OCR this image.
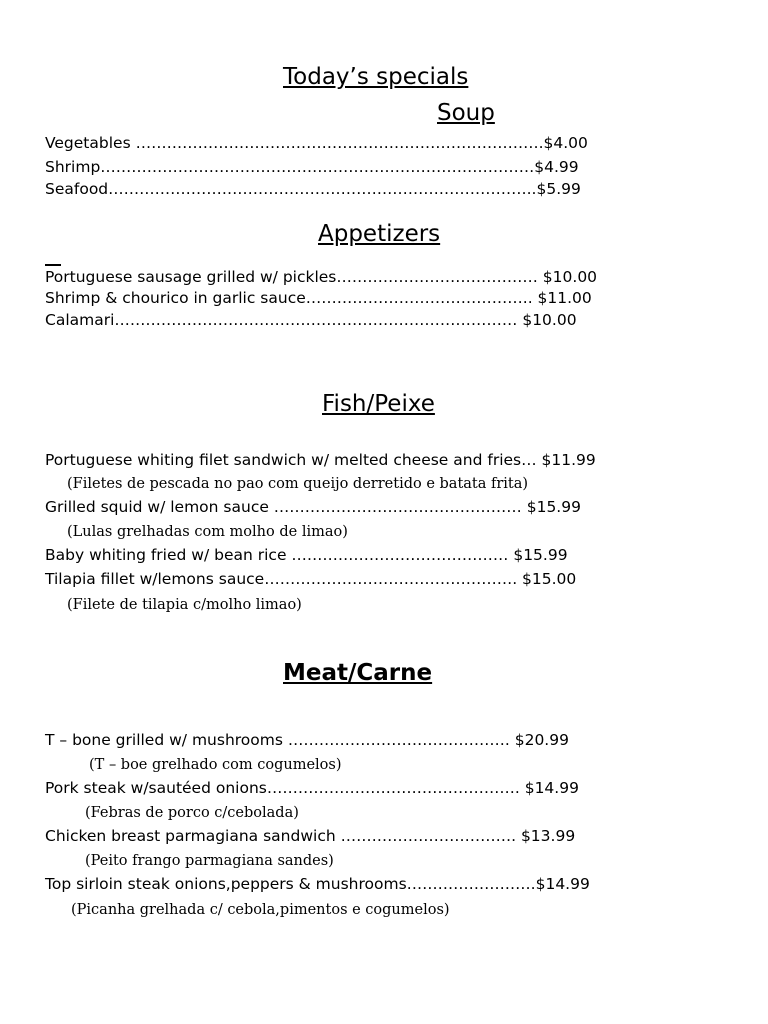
Today’s specials
Soup
Vegetables …………………………………………………………………….$4.00
Shrimp…………………………………………………………………………$4.99
Seafood………………………………………………………………………..$5.99
Appetizers
Portuguese sausage grilled w/ pickles………………………………… $10.00
Shrimp & chourico in garlic sauce…………………………………….. $11.00
Calamari…………………………………………………………………… $10.00
Fish/Peixe
Portuguese whiting filet sandwich w/ melted cheese and fries… $11.99
(Filetes de pescada no pao com queijo derretido e batata frita)
Grilled squid w/ lemon sauce ………………………………………… $15.99
(Lulas grelhadas com molho de limao)
Baby whiting fried w/ bean rice …………………………………… $15.99
Tilapia fillet w/lemons sauce…………………………………………. $15.00
(Filete de tilapia c/molho limao)
Meat/Carne
T – bone grilled w/ mushrooms ……………………………………. $20.99
(T – boe grelhado com cogumelos)
Pork steak w/sautéed onions…………………………………………. $14.99
(Febras de porco c/cebolada)
Chicken breast parmagiana sandwich ……………………………. $13.99
(Peito frango parmagiana sandes)
Top sirloin steak onions,peppers & mushrooms…………………….$14.99
(Picanha grelhada c/ cebola,pimentos e cogumelos)
